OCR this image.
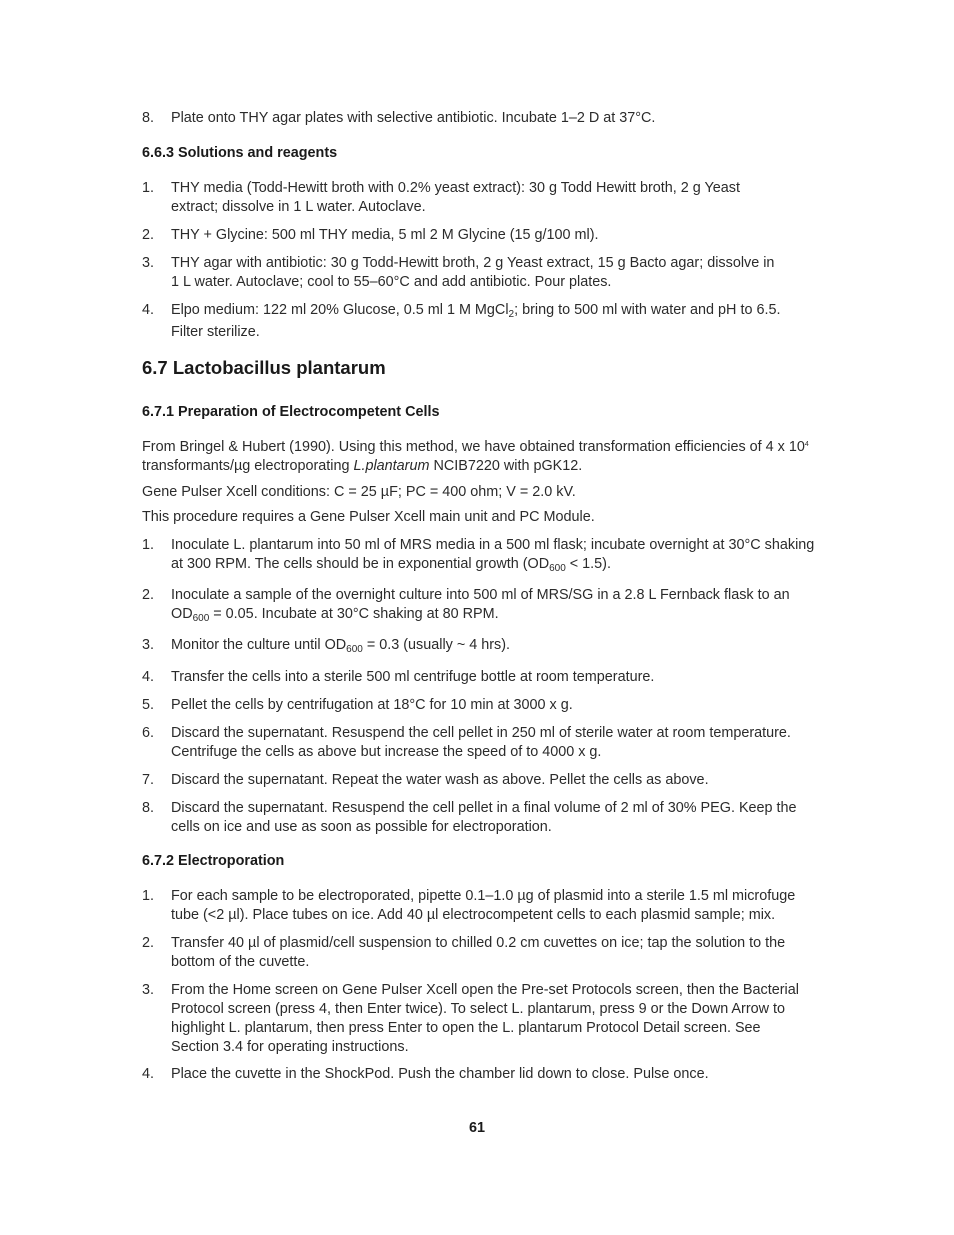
8. Plate onto THY agar plates with selective antibiotic. Incubate 1–2 D at 37°C.
6.6.3 Solutions and reagents
1. THY media (Todd-Hewitt broth with 0.2% yeast extract): 30 g Todd Hewitt broth, 2 g Yeast
extract; dissolve in 1 L water. Autoclave.
2. THY + Glycine: 500 ml THY media, 5 ml 2 M Glycine (15 g/100 ml).
3. THY agar with antibiotic: 30 g Todd-Hewitt broth, 2 g Yeast extract, 15 g Bacto agar; dissolve in
1 L water. Autoclave; cool to 55–60°C and add antibiotic. Pour plates.
4. Elpo medium: 122 ml 20% Glucose, 0.5 ml 1 M MgCl$_2$; bring to 500 ml with water and pH to 6.5.
Filter sterilize.
6.7 Lactobacillus plantarum
6.7.1 Preparation of Electrocompetent Cells
From Bringel & Hubert (1990). Using this method, we have obtained transformation efficiencies of 4 x $10^4$
transformants/µg electroporating L.plantarum NCIB7220 with pGK12.
Gene Pulser Xcell conditions: C = 25 µF; PC = 400 ohm; V = 2.0 kV.
This procedure requires a Gene Pulser Xcell main unit and PC Module.
1. Inoculate L. plantarum into 50 ml of MRS media in a 500 ml flask; incubate overnight at 30°C shaking
at 300 RPM. The cells should be in exponential growth $(OD_{600} < 1.5)$.
2. Inoculate a sample of the overnight culture into 500 ml of MRS/SG in a 2.8 L Fernback flask to an
$OD_{600} = 0.05$. Incubate at 30°C shaking at 80 RPM.
3. Monitor the culture until $OD_{600} = 0.3$ (usually ~ 4 hrs).
4. Transfer the cells into a sterile 500 ml centrifuge bottle at room temperature.
5. Pellet the cells by centrifugation at 18°C for 10 min at 3000 x g.
6. Discard the supernatant. Resuspend the cell pellet in 250 ml of sterile water at room temperature.
Centrifuge the cells as above but increase the speed of to 4000 x g.
7. Discard the supernatant. Repeat the water wash as above. Pellet the cells as above.
8. Discard the supernatant. Resuspend the cell pellet in a final volume of 2 ml of 30% PEG. Keep the
cells on ice and use as soon as possible for electroporation.
6.7.2 Electroporation
1. For each sample to be electroporated, pipette 0.1–1.0 µg of plasmid into a sterile 1.5 ml microfuge
tube (<2 µl). Place tubes on ice. Add 40 µl electrocompetent cells to each plasmid sample; mix.
2. Transfer 40 µl of plasmid/cell suspension to chilled 0.2 cm cuvettes on ice; tap the solution to the
bottom of the cuvette.
3. From the Home screen on Gene Pulser Xcell open the Pre-set Protocols screen, then the Bacterial
Protocol screen (press 4, then Enter twice). To select L. plantarum, press 9 or the Down Arrow to
highlight L. plantarum, then press Enter to open the L. plantarum Protocol Detail screen. See
Section 3.4 for operating instructions.
4. Place the cuvette in the ShockPod. Push the chamber lid down to close. Pulse once.
61
